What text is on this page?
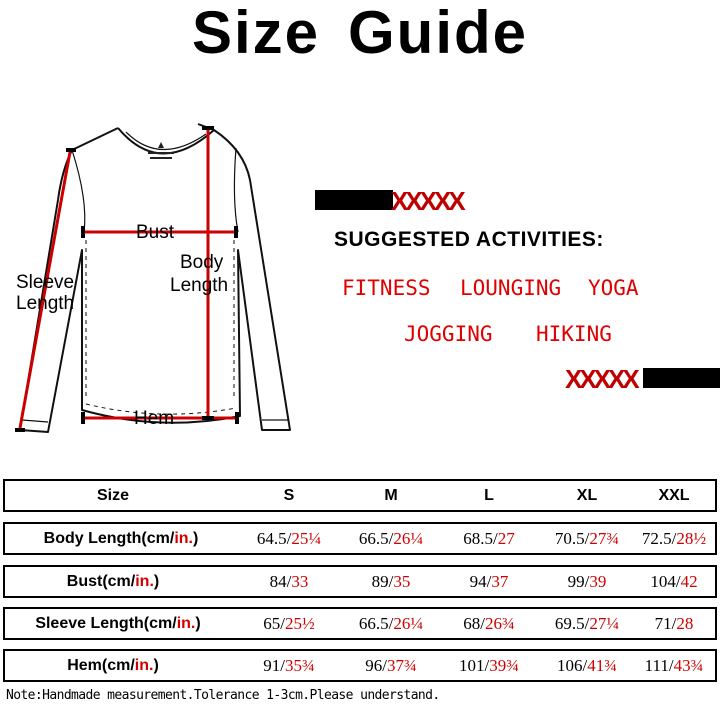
Size Guide
Bust
Body
Length
Sleeve
Length
Hem
XXXXX
XXXXX
SUGGESTED ACTIVITIES:
FITNESS LOUNGING YOGA
JOGGING HIKING
Size	S	M	L	XL	XXL
Body Length(cm/in.)	64.5/25¼	66.5/26¼	68.5/27	70.5/27¾	72.5/28½
Bust(cm/in.)	84/33	89/35	94/37	99/39	104/42
Sleeve Length(cm/in.)	65/25½	66.5/26¼	68/26¾	69.5/27¼	71/28
Hem(cm/in.)	91/35¾	96/37¾	101/39¾	106/41¾	111/43¾
Note:Handmade measurement.Tolerance 1-3cm.Please understand.
